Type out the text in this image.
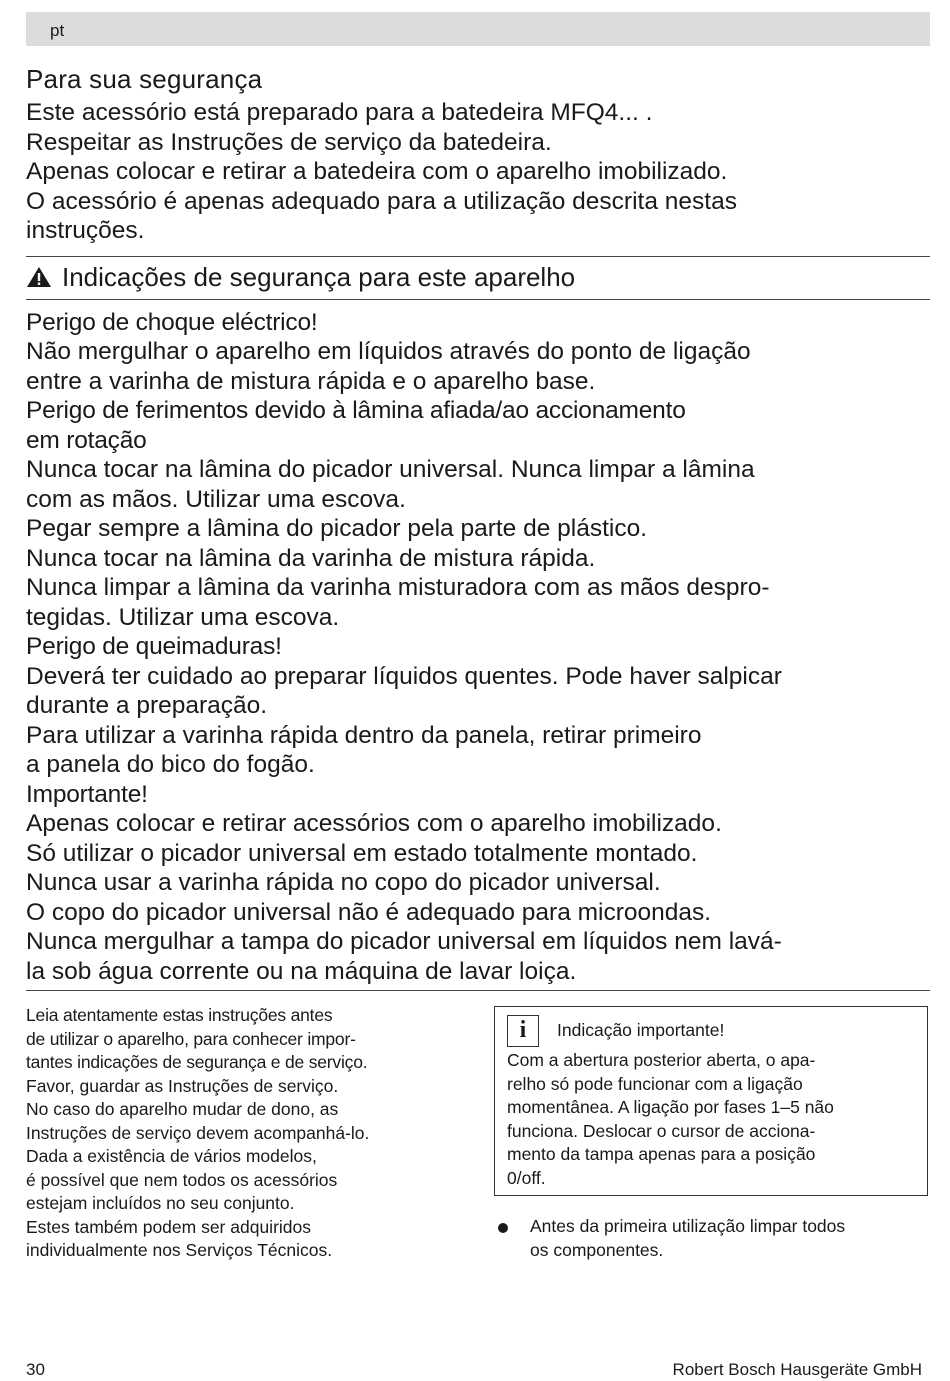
pt
Para sua segurança

Este acessório está preparado para a batedeira MFQ4... .

Respeitar as Instruções de serviço da batedeira.

Apenas colocar e retirar a batedeira com o aparelho imobilizado.

O acessório é apenas adequado para a utilização descrita nestas

instruções.

Indicações de segurança para este aparelho

Perigo de choque eléctrico!

Não mergulhar o aparelho em líquidos através do ponto de ligação

entre a varinha de mistura rápida e o aparelho base.

Perigo de ferimentos devido à lâmina afiada/ao accionamento

em rotação

Nunca tocar na lâmina do picador universal. Nunca limpar a lâmina

com as mãos. Utilizar uma escova.

Pegar sempre a lâmina do picador pela parte de plástico.

Nunca tocar na lâmina da varinha de mistura rápida.

Nunca limpar a lâmina da varinha misturadora com as mãos despro-

tegidas. Utilizar uma escova.

Perigo de queimaduras!

Deverá ter cuidado ao preparar líquidos quentes. Pode haver salpicar

durante a preparação.

Para utilizar a varinha rápida dentro da panela, retirar primeiro

a panela do bico do fogão.

Importante!

Apenas colocar e retirar acessórios com o aparelho imobilizado.

Só utilizar o picador universal em estado totalmente montado.

Nunca usar a varinha rápida no copo do picador universal.

O copo do picador universal não é adequado para microondas.

Nunca mergulhar a tampa do picador universal em líquidos nem lavá-

la sob água corrente ou na máquina de lavar loiça.

Leia atentamente estas instruções antes

de utilizar o aparelho, para conhecer impor-

tantes indicações de segurança e de serviço.

Favor, guardar as Instruções de serviço.

No caso do aparelho mudar de dono, as

Instruções de serviço devem acompanhá-lo.

Dada a existência de vários modelos,

é possível que nem todos os acessórios

estejam incluídos no seu conjunto.

Estes também podem ser adquiridos

individualmente nos Serviços Técnicos.

i	Indicação importante!

Com a abertura posterior aberta, o apa-

relho só pode funcionar com a ligação

momentânea. A ligação por fases 1–5 não

funciona. Deslocar o cursor de acciona-

mento da tampa apenas para a posição

0/off.

Antes da primeira utilização limpar todos
os componentes.
30	Robert Bosch Hausgeräte GmbH
